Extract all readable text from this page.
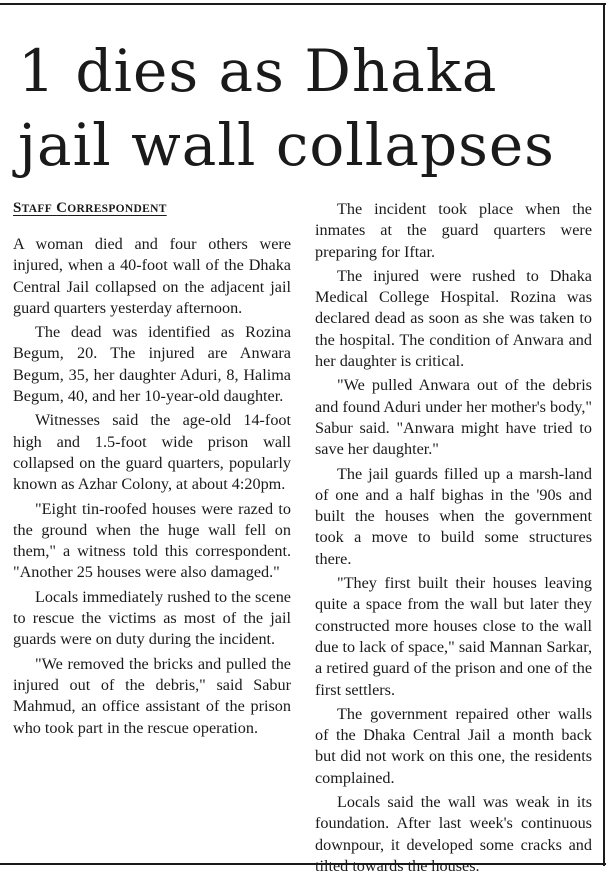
1 dies as Dhaka jail wall collapses
STAFF CORRESPONDENT

A woman died and four others were injured, when a 40-foot wall of the Dhaka Central Jail collapsed on the adjacent jail guard quarters yesterday afternoon.

The dead was identified as Rozina Begum, 20. The injured are Anwara Begum, 35, her daughter Aduri, 8, Halima Begum, 40, and her 10-year-old daughter.

Witnesses said the age-old 14-foot high and 1.5-foot wide prison wall collapsed on the guard quarters, popularly known as Azhar Colony, at about 4:20pm.

"Eight tin-roofed houses were razed to the ground when the huge wall fell on them," a witness told this correspondent. "Another 25 houses were also damaged."

Locals immediately rushed to the scene to rescue the victims as most of the jail guards were on duty during the incident.

"We removed the bricks and pulled the injured out of the debris," said Sabur Mahmud, an office assistant of the prison who took part in the rescue operation.

The incident took place when the inmates at the guard quarters were preparing for Iftar.

The injured were rushed to Dhaka Medical College Hospital. Rozina was declared dead as soon as she was taken to the hospital. The condition of Anwara and her daughter is critical.

"We pulled Anwara out of the debris and found Aduri under her mother's body," Sabur said. "Anwara might have tried to save her daughter."

The jail guards filled up a marsh-land of one and a half bighas in the '90s and built the houses when the government took a move to build some structures there.

"They first built their houses leaving quite a space from the wall but later they constructed more houses close to the wall due to lack of space," said Mannan Sarkar, a retired guard of the prison and one of the first settlers.

The government repaired other walls of the Dhaka Central Jail a month back but did not work on this one, the residents complained.

Locals said the wall was weak in its foundation. After last week's continuous downpour, it developed some cracks and tilted towards the houses.
